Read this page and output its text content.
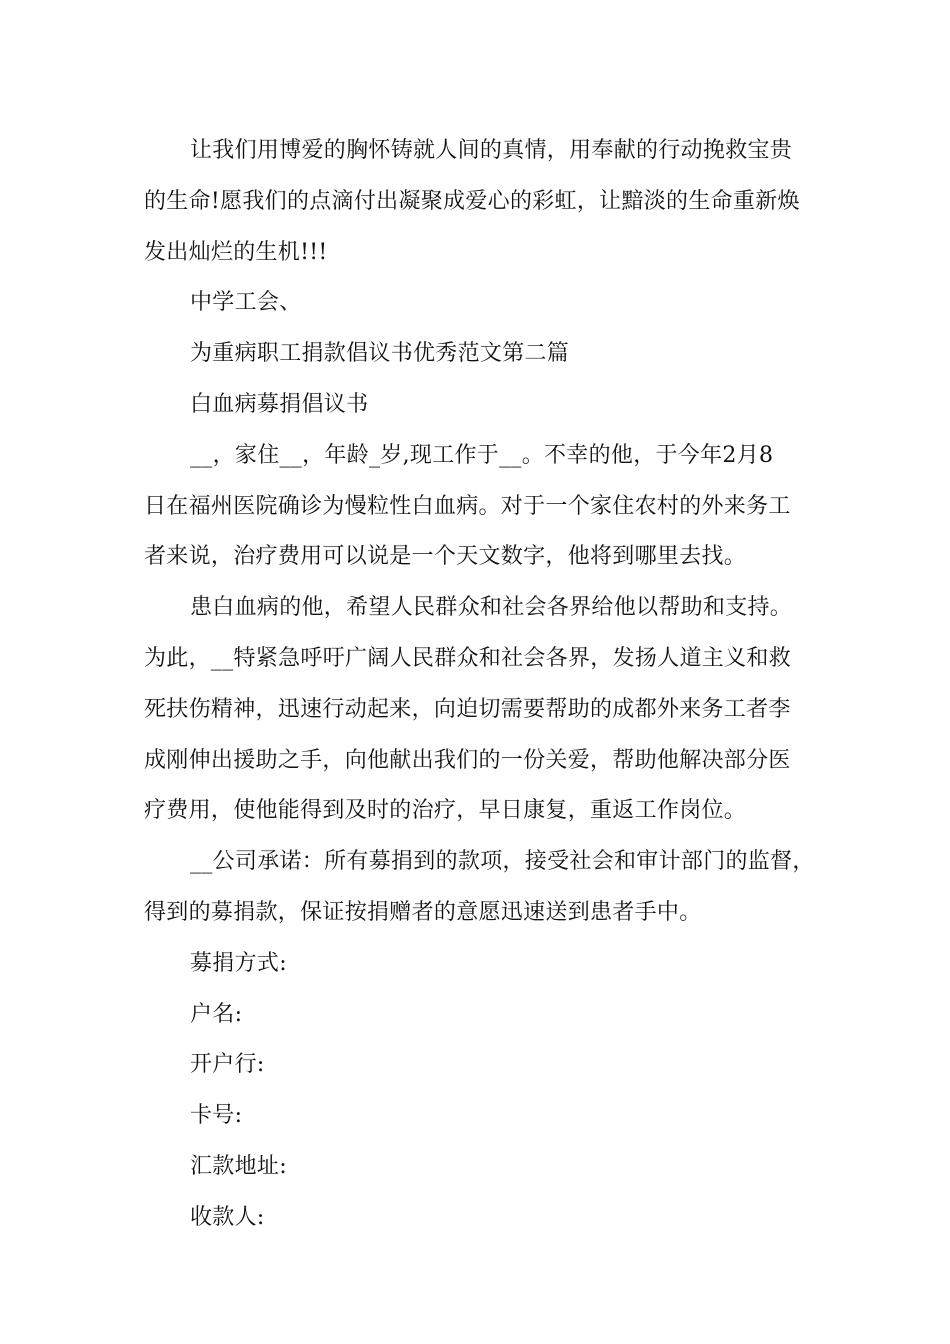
让我们用博爱的胸怀铸就人间的真情，用奉献的行动挽救宝贵
的生命!愿我们的点滴付出凝聚成爱心的彩虹，让黯淡的生命重新焕
发出灿烂的生机!!!
中学工会、
为重病职工捐款倡议书优秀范文第二篇
白血病募捐倡议书
__，家住__，年龄_岁,现工作于__。不幸的他，于今年2月8
日在福州医院确诊为慢粒性白血病。对于一个家住农村的外来务工
者来说，治疗费用可以说是一个天文数字，他将到哪里去找。
患白血病的他，希望人民群众和社会各界给他以帮助和支持。
为此，__特紧急呼吁广阔人民群众和社会各界，发扬人道主义和救
死扶伤精神，迅速行动起来，向迫切需要帮助的成都外来务工者李
成刚伸出援助之手，向他献出我们的一份关爱，帮助他解决部分医
疗费用，使他能得到及时的治疗，早日康复，重返工作岗位。
__公司承诺：所有募捐到的款项，接受社会和审计部门的监督，
得到的募捐款，保证按捐赠者的意愿迅速送到患者手中。
募捐方式:
户名:
开户行:
卡号:
汇款地址:
收款人:
